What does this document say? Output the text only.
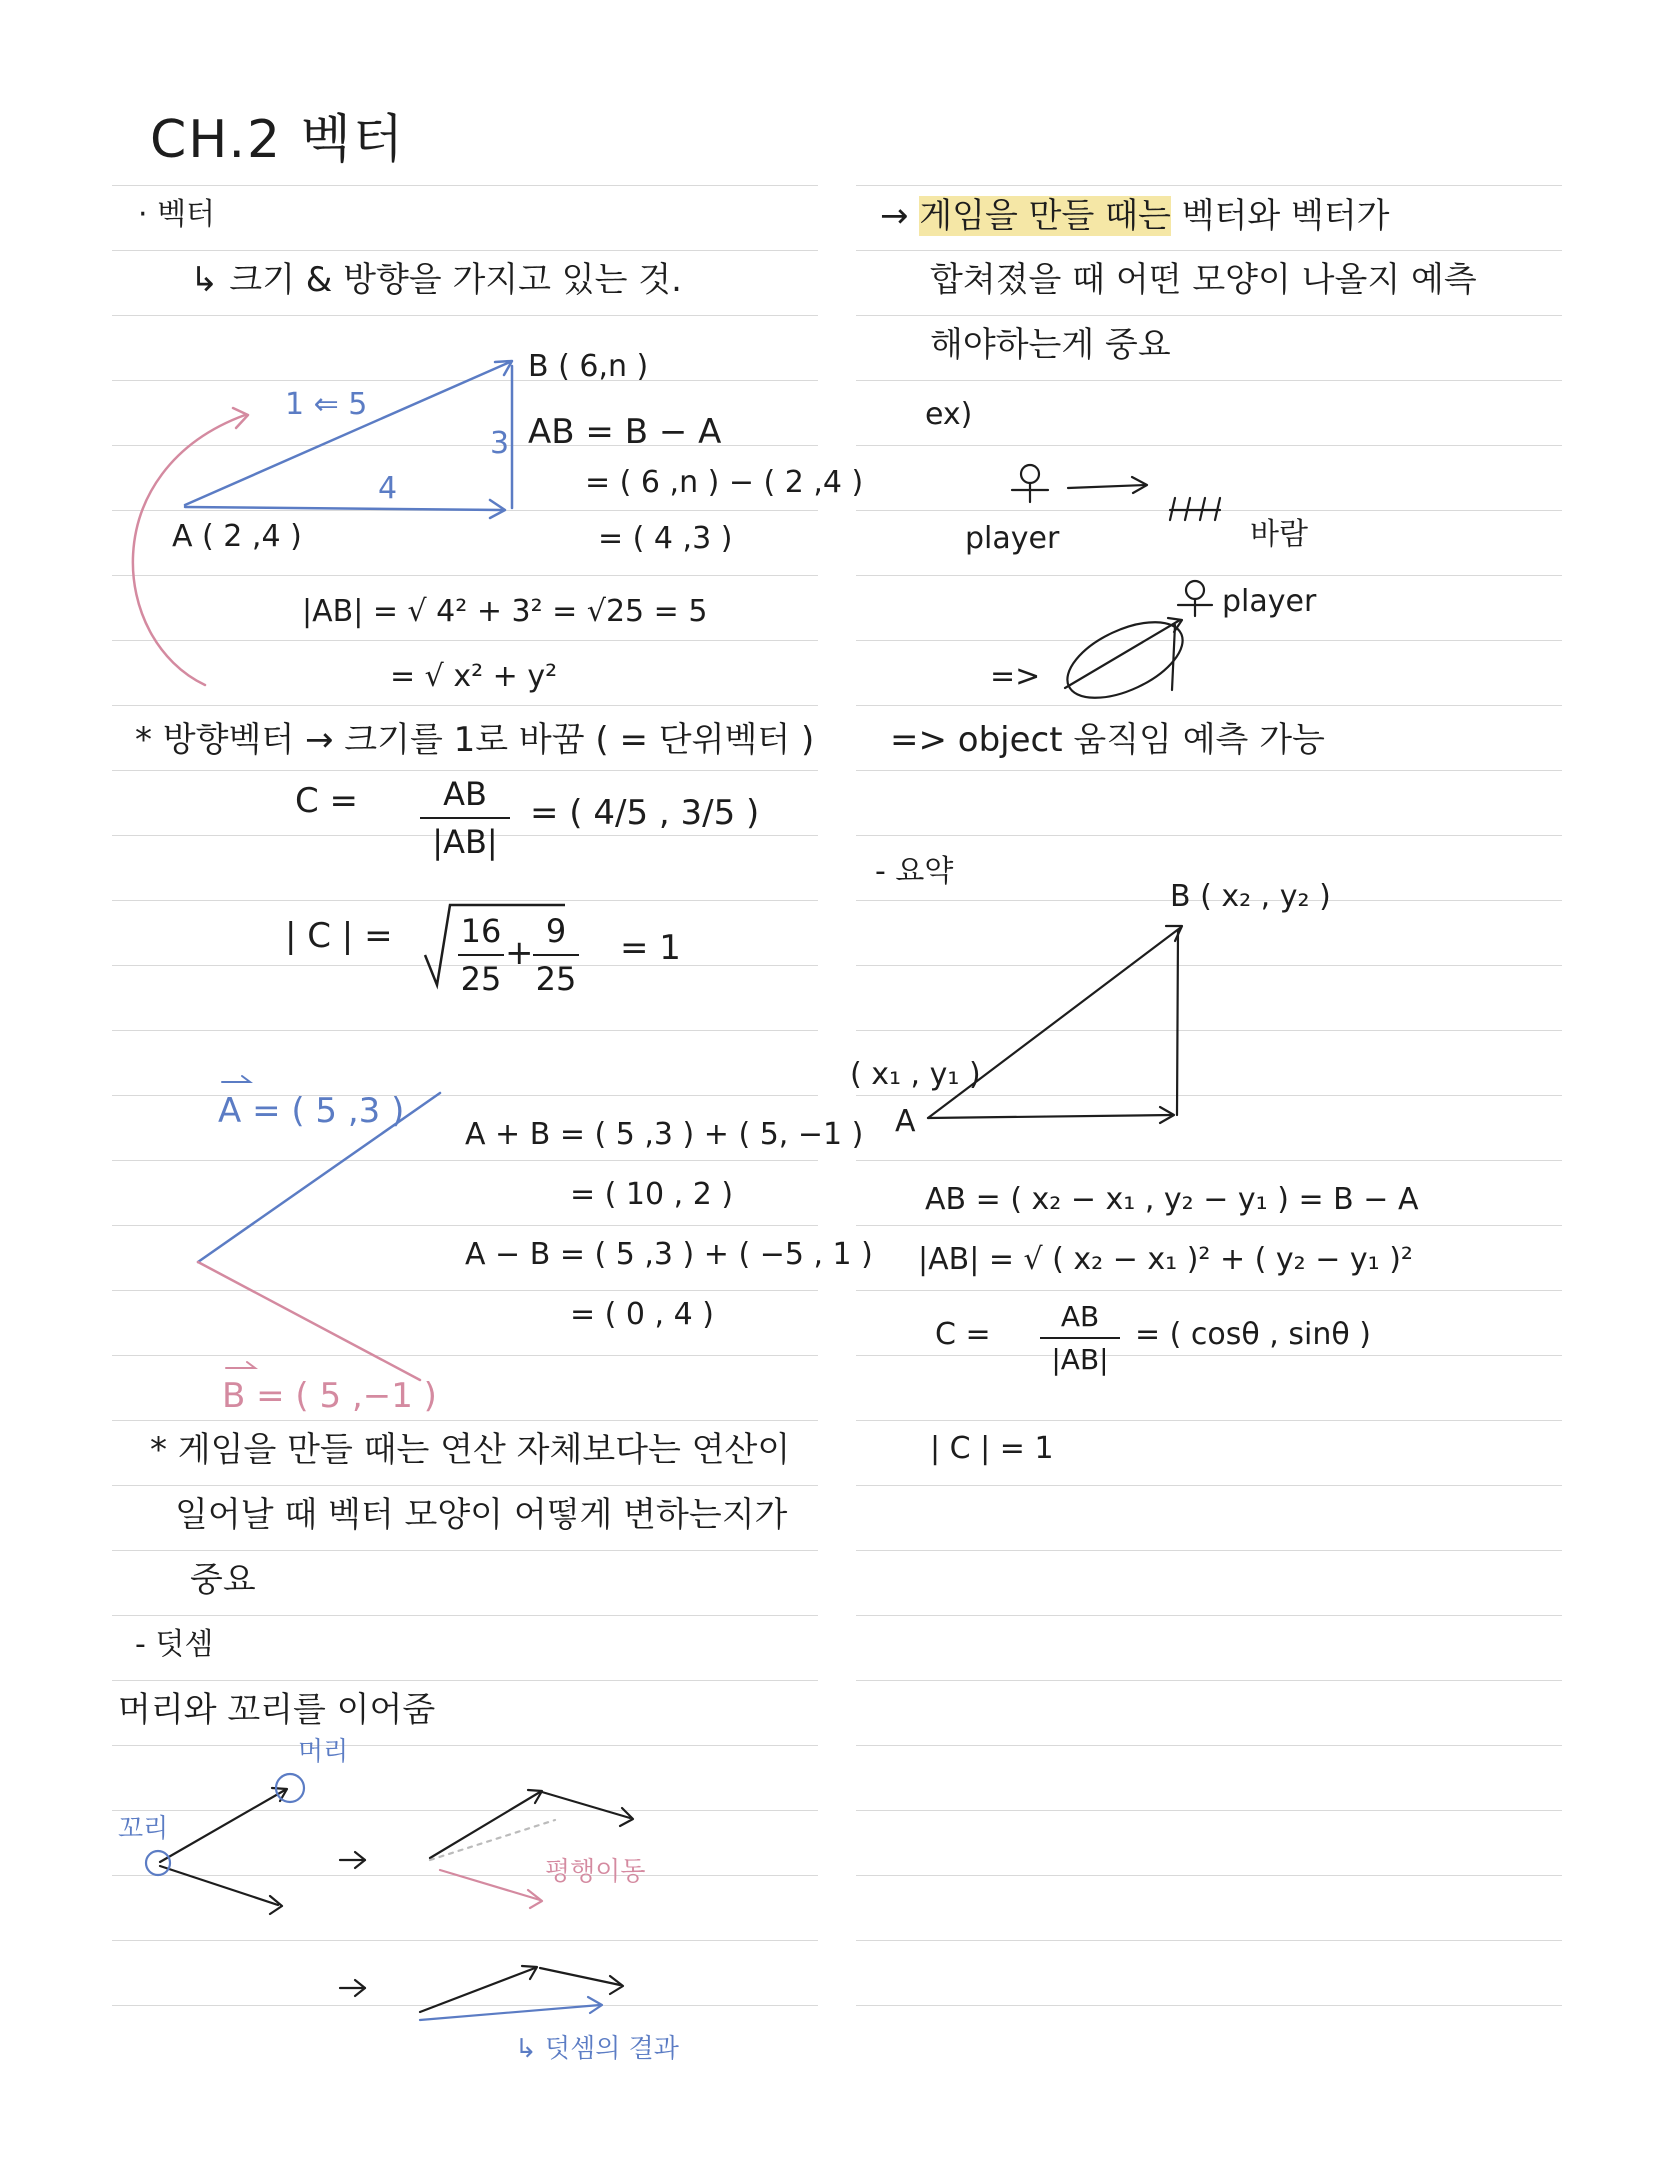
CH.2 벡터
· 벡터
↳ 크기 & 방향을 가지고 있는 것.
B ( 6,n )
A ( 2 ,4 )
4
3
1 ⇐ 5
AB = B − A
= ( 6 ,n ) − ( 2 ,4 )
= ( 4 ,3 )
|AB| = √ 4² + 3² = √25 = 5
= √ x² + y²
* 방향벡터 → 크기를 1로 바꿈 ( = 단위벡터 )
C =	AB
|AB|
= ( 4/5 , 3/5 )
| C | = 16
25
+
9
25
= 1
A = ( 5 ,3 )
B = ( 5 ,−1 )
A + B = ( 5 ,3 ) + ( 5, −1 )
= ( 10 , 2 )
A − B = ( 5 ,3 ) + ( −5 , 1 )
= ( 0 , 4 )
* 게임을 만들 때는 연산 자체보다는 연산이
일어날 때 벡터 모양이 어떻게 변하는지가
중요
- 덧셈
머리와 꼬리를 이어줌
머리
꼬리
평행이동
↳ 덧셈의 결과
→ 게임을 만들 때는 벡터와 벡터가
합쳐졌을 때 어떤 모양이 나올지 예측
해야하는게 중요
ex)
player	바람
player
=>
=> object 움직임 예측 가능
- 요약
B ( x₂ , y₂ )
( x₁ , y₁ )
A
AB = ( x₂ − x₁ , y₂ − y₁ ) = B − A
|AB| = √ ( x₂ − x₁ )² + ( y₂ − y₁ )²
C =
AB
|AB|
= ( cosθ , sinθ )
| C | = 1
